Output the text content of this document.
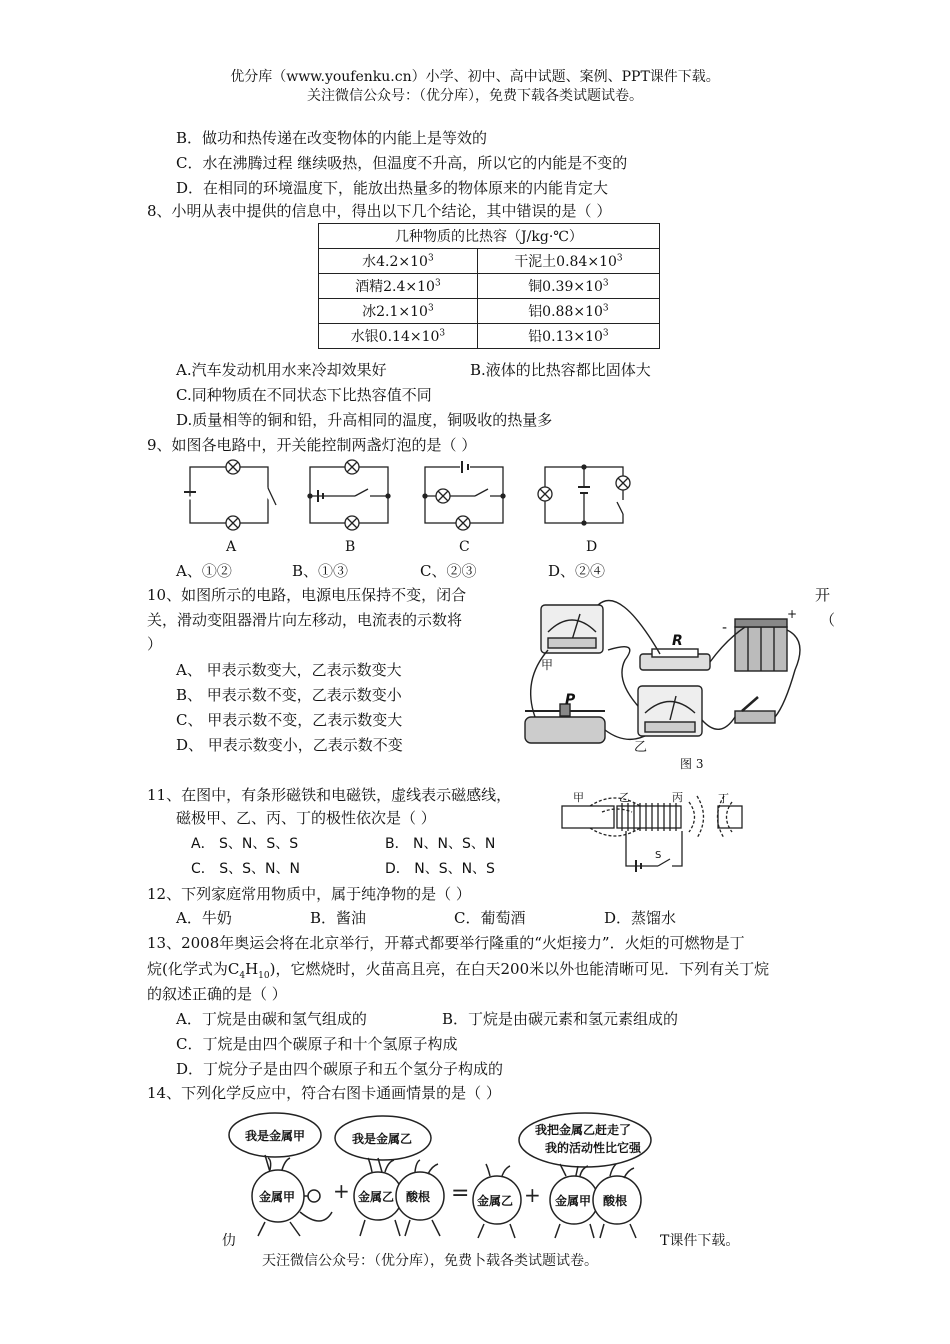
优分库（www.youfenku.cn）小学、初中、高中试题、案例、PPT课件下载。
关注微信公众号：（优分库），免费下载各类试题试卷。
B．做功和热传递在改变物体的内能上是等效的
C．水在沸腾过程 继续吸热，但温度不升高，所以它的内能是不变的
D．在相同的环境温度下，能放出热量多的物体原来的内能肯定大
8、小明从表中提供的信息中，得出以下几个结论，其中错误的是（ ）
几种物质的比热容（J/kg·℃）	
水$4.2\times 10^3$	干泥土$0.84\times 10^3$
酒精$2.4\times 10^3$	铜$0.39\times 10^3$
冰$2.1\times 10^3$	铝$0.88\times 10^3$
水银$0.14\times 10^3$	铅$0.13\times 10^3$
A.汽车发动机用水来冷却效果好	B.液体的比热容都比固体大
C.同种物质在不同状态下比热容值不同
D.质量相等的铜和铅，升高相同的温度，铜吸收的热量多
9、如图各电路中，开关能控制两盏灯泡的是（ ）
A	B	C	D
A、①②	B、①③	C、②③	D、②④
10、如图所示的电路，电源电压保持不变，闭合	开
关，滑动变阻器滑片向左移动，电流表的示数将	（
）
A、 甲表示数变大，乙表示数变大
B、 甲表示数不变，乙表示数变小
C、 甲表示数不变，乙表示数变大
D、 甲表示数变小，乙表示数不变
R
P
甲
乙
-
+
图 3
11、在图中，有条形磁铁和电磁铁，虚线表示磁感线，
磁极甲、乙、丙、丁的极性依次是（ ）
A． S、N、S、S	B． N、N、S、N
C． S、S、N、N	D． N、S、N、S
甲	乙	丙	丁
S
12、下列家庭常用物质中，属于纯净物的是（ ）
A．牛奶	B．酱油	C．葡萄酒	D．蒸馏水
13、2008年奥运会将在北京举行，开幕式都要举行隆重的“火炬接力”．火炬的可燃物是丁
烷(化学式为$C_4H_{10}$)，它燃烧时，火苗高且亮，在白天200米以外也能清晰可见．下列有关丁烷
的叙述正确的是（ ）
A．丁烷是由碳和氢气组成的	B．丁烷是由碳元素和氢元素组成的
C．丁烷是由四个碳原子和十个氢原子构成
D．丁烷分子是由四个碳原子和五个氢分子构成的
14、下列化学反应中，符合右图卡通画情景的是（ ）
+	=	+
我是金属甲	我是金属乙
我把金属乙赶走了
我的活动性比它强
金属甲	金属乙 酸根	金属乙	金属甲 酸根
仂	T课件下载。
天汪微信公众号：（优分库），免费卜载各类试题试卷。
